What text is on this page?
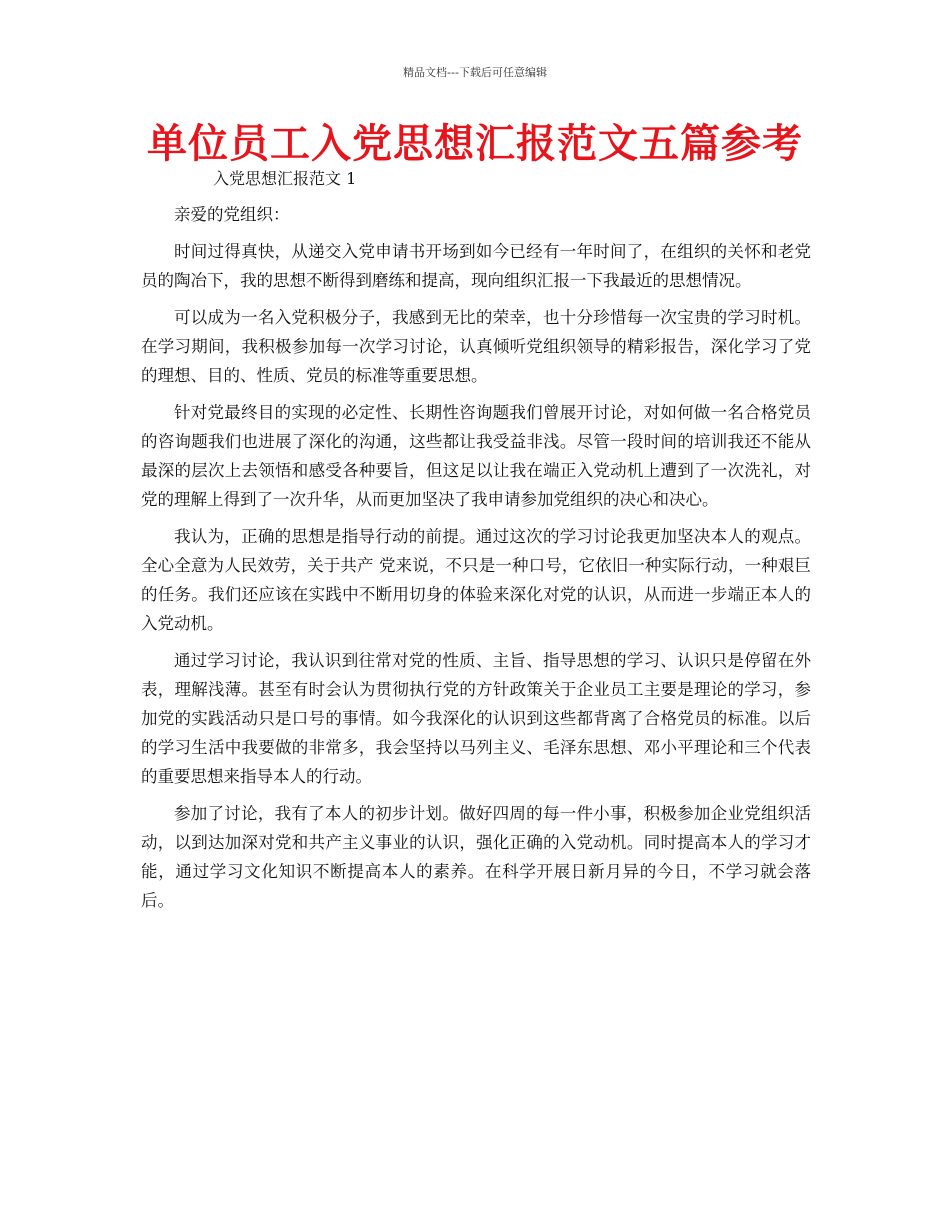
精品文档---下载后可任意编辑
单位员工入党思想汇报范文五篇参考

入党思想汇报范文 1

亲爱的党组织：

时间过得真快，从递交入党申请书开场到如今已经有一年时间了，在组织的关怀和老党员的陶冶下，我的思想不断得到磨练和提高，现向组织汇报一下我最近的思想情况。

可以成为一名入党积极分子，我感到无比的荣幸，也十分珍惜每一次宝贵的学习时机。在学习期间，我积极参加每一次学习讨论，认真倾听党组织领导的精彩报告，深化学习了党的理想、目的、性质、党员的标准等重要思想。

针对党最终目的实现的必定性、长期性咨询题我们曾展开讨论，对如何做一名合格党员的咨询题我们也进展了深化的沟通，这些都让我受益非浅。尽管一段时间的培训我还不能从最深的层次上去领悟和感受各种要旨，但这足以让我在端正入党动机上遭到了一次洗礼，对党的理解上得到了一次升华，从而更加坚决了我申请参加党组织的决心和决心。

我认为，正确的思想是指导行动的前提。通过这次的学习讨论我更加坚决本人的观点。全心全意为人民效劳，关于共产 党来说，不只是一种口号，它依旧一种实际行动，一种艰巨的任务。我们还应该在实践中不断用切身的体验来深化对党的认识，从而进一步端正本人的入党动机。

通过学习讨论，我认识到往常对党的性质、主旨、指导思想的学习、认识只是停留在外表，理解浅薄。甚至有时会认为贯彻执行党的方针政策关于企业员工主要是理论的学习，参加党的实践活动只是口号的事情。如今我深化的认识到这些都背离了合格党员的标准。以后的学习生活中我要做的非常多，我会坚持以马列主义、毛泽东思想、邓小平理论和三个代表的重要思想来指导本人的行动。

参加了讨论，我有了本人的初步计划。做好四周的每一件小事，积极参加企业党组织活动，以到达加深对党和共产主义事业的认识，强化正确的入党动机。同时提高本人的学习才能，通过学习文化知识不断提高本人的素养。在科学开展日新月异的今日，不学习就会落后。
